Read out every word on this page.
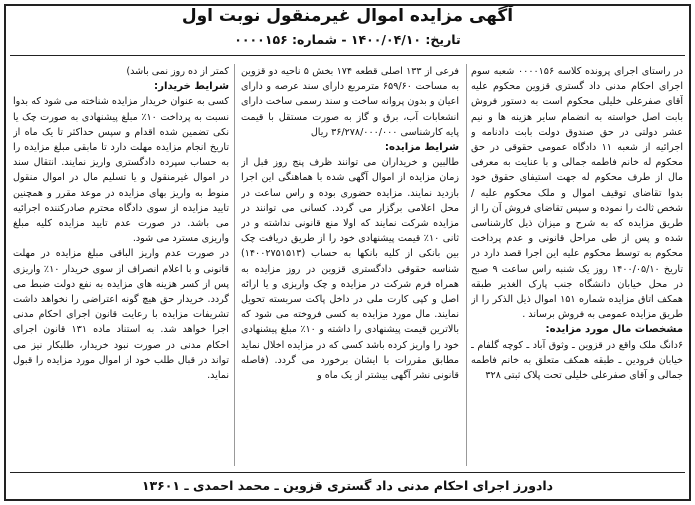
آگهی مزایده اموال غیرمنقول نوبت اول
تاریخ: ۱۴۰۰/۰۴/۱۰ - شماره: ۰۰۰۰۱۵۶

در راستای اجرای پرونده کلاسه ۰۰۰۰۱۵۶ شعبه سوم اجرای احکام مدنی داد گستری قزوین محکوم علیه آقای صفرعلی خلیلی محکوم است به دستور فروش بابت اصل خواسته به انضمام سایر هزینه ها و نیم عشر دولتی در حق صندوق دولت بابت دادنامه و اجرائیه از شعبه ۱۱ دادگاه عمومی حقوقی در حق محکوم له خانم فاطمه جمالی و با عنایت به معرفی مال از طرف محکوم له جهت استیفای حقوق خود بدوا تقاضای توقیف اموال و ملک محکوم علیه / شخص ثالث را نموده و سپس تقاضای فروش آن را از طریق مزایده که به شرح و میزان ذیل کارشناسی شده و پس از طی مراحل قانونی و عدم پرداخت محکوم به توسط محکوم علیه این اجرا قصد دارد در تاریخ ۱۴۰۰/۰۵/۱۰ روز یک شنبه راس ساعت ۹ صبح در محل خیابان دانشگاه جنب پارک الغدیر طبقه همکف اتاق مزایده شماره ۱۵۱ اموال ذیل الذکر را از طریق مزایده عمومی به فروش برساند .

مشخصات مال مورد مزایده:

۶دانگ ملک واقع در قزوین ـ وثوق آباد ـ کوچه گلفام ـ خیابان فرودین ـ طبقه همکف متعلق به خانم فاطمه جمالی و آقای صفرعلی خلیلی تحت پلاک ثبتی ۳۲۸

فرعی از ۱۳۳ اصلی قطعه ۱۷۴ بخش ۵ ناحیه دو قزوین به مساحت ۶۵۹/۶۰ مترمربع دارای سند عرصه و دارای اعیان و بدون پروانه ساخت و سند رسمی ساخت دارای انشعابات آب، برق و گاز به صورت مستقل با قیمت پایه کارشناسی ۳۶/۲۷۸/۰۰۰/۰۰۰ ریال

شرایط مزایده:

طالبین و خریداران می توانند ظرف پنج روز قبل از زمان مزایده از اموال آگهی شده با هماهنگی این اجرا بازدید نمایند. مزایده حضوری بوده و راس ساعت در محل اعلامی برگزار می گردد. کسانی می توانند در مزایده شرکت نمایند که اولا منع قانونی نداشته و در ثانی ۱۰٪ قیمت پیشنهادی خود را از طریق دریافت چک بین بانکی از کلیه بانکها به حساب (۱۴۰۰۲۷۵۱۵۱۳) شناسه حقوقی دادگستری قزوین در روز مزایده به همراه فرم شرکت در مزایده و چک واریزی و یا ارائه اصل و کپی کارت ملی در داخل پاکت سربسته تحویل نمایند. مال مورد مزایده به کسی فروخته می شود که بالاترین قیمت پیشنهادی را داشته و ۱۰٪ مبلغ پیشنهادی خود را واریز کرده باشد کسی که در مزایده اخلال نماید مطابق مقررات با ایشان برخورد می گردد. (فاصله قانونی نشر آگهی بیشتر از یک ماه و

کمتر از ده روز نمی باشد)

شرایط خریدار:

کسی به عنوان خریدار مزایده شناخته می شود که بدوا نسبت به پرداخت ۱۰٪ مبلغ پیشنهادی به صورت چک یا نکی تضمین شده اقدام و سپس حداکثر تا یک ماه از تاریخ انجام مزایده مهلت دارد تا مابقی مبلغ مزایده را به حساب سپرده دادگستری واریز نمایند. انتقال سند در اموال غیرمنقول و یا تسلیم مال در اموال منقول منوط به واریز بهای مزایده در موعد مقرر و همچنین تایید مزایده از سوی دادگاه محترم صادرکننده اجرائیه می باشد. در صورت عدم تایید مزایده کلیه مبلغ واریزی مسترد می شود.

در صورت عدم واریز الباقی مبلغ مزایده در مهلت قانونی و با اعلام انصراف از سوی خریدار ۱۰٪ واریزی پس از کسر هزینه های مزایده به نفع دولت ضبط می گردد. خریدار حق هیچ گونه اعتراضی را نخواهد داشت تشریفات مزایده با رعایت قانون اجرای احکام مدنی اجرا خواهد شد. به استناد ماده ۱۳۱ قانون اجرای احکام مدنی در صورت نبود خریدار، طلبکار نیز می تواند در قبال طلب خود از اموال مورد مزایده را قبول نماید.

دادورز اجرای احکام مدنی داد گستری قزوین ـ محمد احمدی ـ ۱۳۶۰۱
